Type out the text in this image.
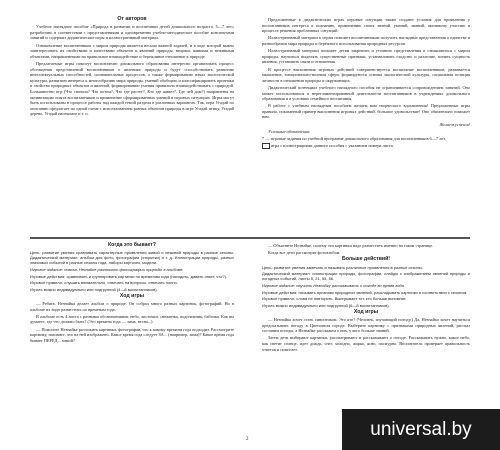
От авторов

Учебное наглядное пособие «Природа в развитии и воспитании детей дошкольного возраста. 5—7 лет» разработано в соответствии с представлениями и одновременно учебно-методическое пособие конспектами занятий и содержит дидактические игры и иллюстративный материал.

Ознакомление воспитанников с миром природы является весьма важной задачей, и в ходе которой важно заинтересовать их свойствами и качествами объектов и явлений природы, вещами, живыми и неживыми объектами, направленными на правильное взаимодействие и бережливое отношение к природе.

Предлагаемые игры помогут воспитателю дошкольного образования интересно организовать процесс обогащения представлений воспитанников о явлениях природы и будут способствовать развитию интеллектуальных способностей, познавательных процессов, а также формированию начал экологической культуры, развитию интереса к многообразию мира природы, умений обобщать и классифицировать признаки и свойства природных объектов и явлений, формированию умения правильно взаимодействовать с природой. Большинство игр (Что сначала? Что потом?, Что где растет?, Кто где живет?, Где чей дом?) направлены на активизацию опыта воспитанников и применение сформированных умений в игровых ситуациях. Игры могут быть использованы в процессе работы над каждой темой раздела в различных вариантах. Так, игра Угадай по описанию предлагает по одной схеме с использованием разных объектов природы в игре Угадай птицу, Угадай дерево, Угадай насекомое и т. п.

Предложенные в дидактических играх игровые ситуации также создают условия для проявления у воспитанников интереса к познанию, применению своих знаний, умений, знаний, активному участию в процессе решения проблемных ситуаций.

Иллюстративный материал к играм поможет воспитанникам получить наглядные представления о единстве и разнообразии мира природы и бережного использования природных ресурсов.

Иллюстративный материал поможет детям закрепить и уточнить представления и ознакомиться с миром природы, научиться выделять существенные признаки, устанавливать сходство и различие, понять сущность явления, установить связи и отношения.

В процессе выполнения игровых действий совершенствуется воспитание воспитанников, развивается мышление, эмоционально-волевая сфера, формируются основы экологической культуры, социальная позиция личности в отношении природы и окружающих.

Дидактический потенциал учебного наглядного пособия не ограничивается сопровождением занятий. Оно может использоваться в нерегламентированной деятельности воспитанников в учреждениях дошкольного образования и в условиях семейного воспитания.

В работе с учебным наглядным пособием желаем вам творческого вдохновения! Предложенные игры правила, показанный пример выполнения игровых действий, большое удовольствие! Оно обязательно поможет вам.

Желаем успехов!

Условные обозначения:

* — игровые задания по учебной программе дошкольного образования для воспитанников 6—7 лет,

игра с иллюстрациями данного пособия с указанием номера листа.

Когда это бывает?

Цель: развитие умения сравнивать характерные проявления живой и неживой природы в разные сезоны. Дидактический материал: альбом для фото, фотографии (открытки) и т. д. Иллюстрации природы, разных значимых событий в разные сезоны года, наборы карточек, модели.

Игровое задание: помочь Незнайке разложить фотографии природы в альбоме.

Игровые действия: сравнивать и группировать картинки по временам года (находить, давать ответ, что?).

Игровое правило: слушать внимательно, отвечать на вопросы, отвечать полно.

Играть можно индивидуально или подгруппой (4—8 воспитанников).

Ход игры

— Ребята, Незнайка делает альбом о природе. Он собрал много разных картинок, фотографий. Но в альбоме их надо разместить по временам года.

В альбоме есть 4 листа с разными обозначениями: небо, листочки, снежинка, подснежник, бабочка. Как вы думаете, где что должно быть? (Это времена года — зима, весна...)

— Помогите Незнайке разложить картинки, фотографии, что к какому времени года подходит. Рассмотрите картинку, назовите, что на ней изображено. Какое время года следует ЗА... (например, зима)? Какое время года бывает ПЕРЕД... зимой?

— Объясните Незнайке, почему эти картинки надо разместить именно на таком странице.

Когда все дети рассмотрят фотоальбом.

Больше действий!

Цель: развитие умения замечать и называть различные проявления в разные сезоны.

Дидактический материал: иллюстрации природы, фотографии, слайды с изображением явлений природы и погодных событий, листы 5, 21, 55, 56.

Игровое задание: научить Незнайку рассказывать о погоде во время года.

Игровые действия: называть признаки природных явлений, раскладывать картинки в соответствии с сезоном.

Игровое правило: слова не повторять. Выигрывает тот, кто больше вспомнит.

Играть можно индивидуально или подгруппой (6—8 воспитанников).

Ход игры

— Незнайка хочет стать синоптиком. Это кто? (Человек, изучающий погоду.) Да, Незнайка хочет научиться предсказывать погоду в Цветочном городе. Выберите картинку с признаками природных явлений, рассказ составим погоды, а Незнайке расскажем о них, у кого больше знаний.

Затем дети выбирают картинки, рассматривают и рассказывают о погоде. Рассказывать нужно, какое небо, как светит солнце, идет дождь, снег, холодно, жарко, ясно, пасмурно. Воспитатель проверяет правильность ответов и помогает.

2	universal.by
